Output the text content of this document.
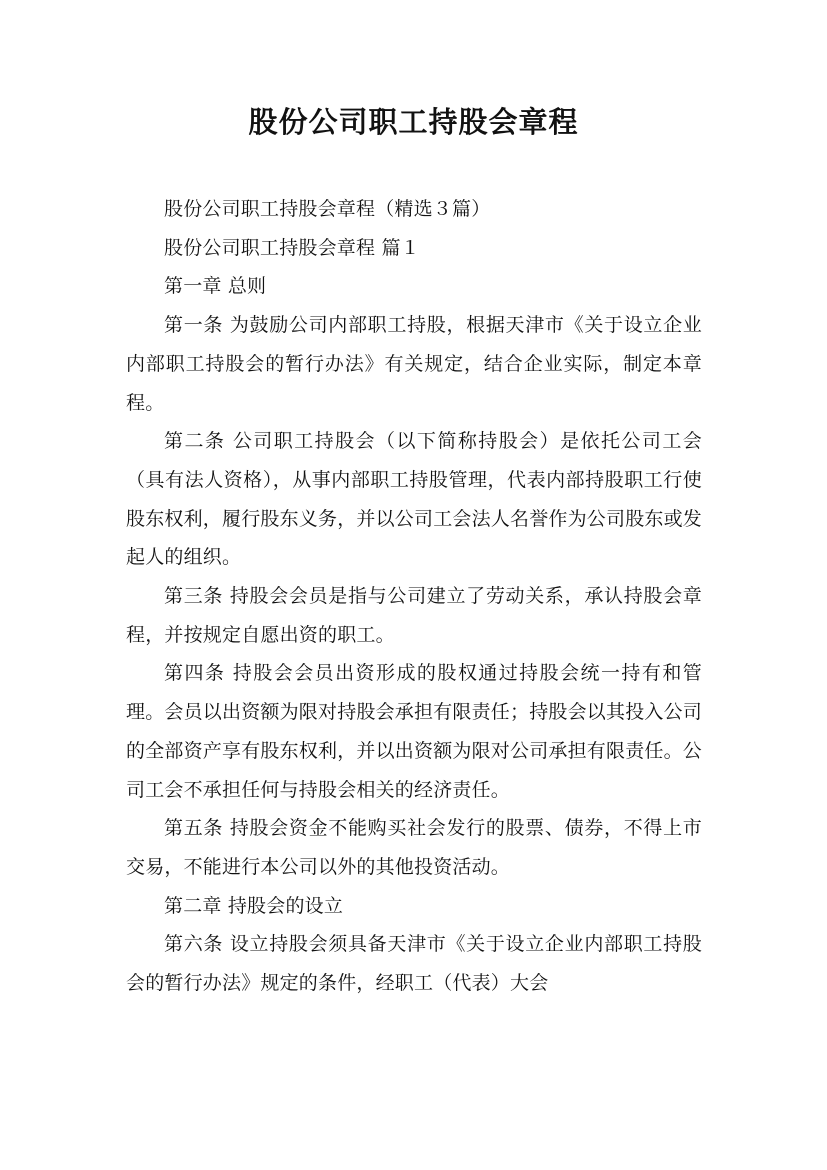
股份公司职工持股会章程

股份公司职工持股会章程（精选３篇）

股份公司职工持股会章程 篇１

第一章 总则

第一条 为鼓励公司内部职工持股，根据天津市《关于设立企业内部职工持股会的暂行办法》有关规定，结合企业实际，制定本章程。

第二条 公司职工持股会（以下简称持股会）是依托公司工会（具有法人资格），从事内部职工持股管理，代表内部持股职工行使股东权利，履行股东义务，并以公司工会法人名誉作为公司股东或发起人的组织。

第三条 持股会会员是指与公司建立了劳动关系，承认持股会章程，并按规定自愿出资的职工。

第四条 持股会会员出资形成的股权通过持股会统一持有和管理。会员以出资额为限对持股会承担有限责任；持股会以其投入公司的全部资产享有股东权利，并以出资额为限对公司承担有限责任。公司工会不承担任何与持股会相关的经济责任。

第五条 持股会资金不能购买社会发行的股票、债券，不得上市交易，不能进行本公司以外的其他投资活动。

第二章 持股会的设立

第六条 设立持股会须具备天津市《关于设立企业内部职工持股会的暂行办法》规定的条件，经职工（代表）大会
